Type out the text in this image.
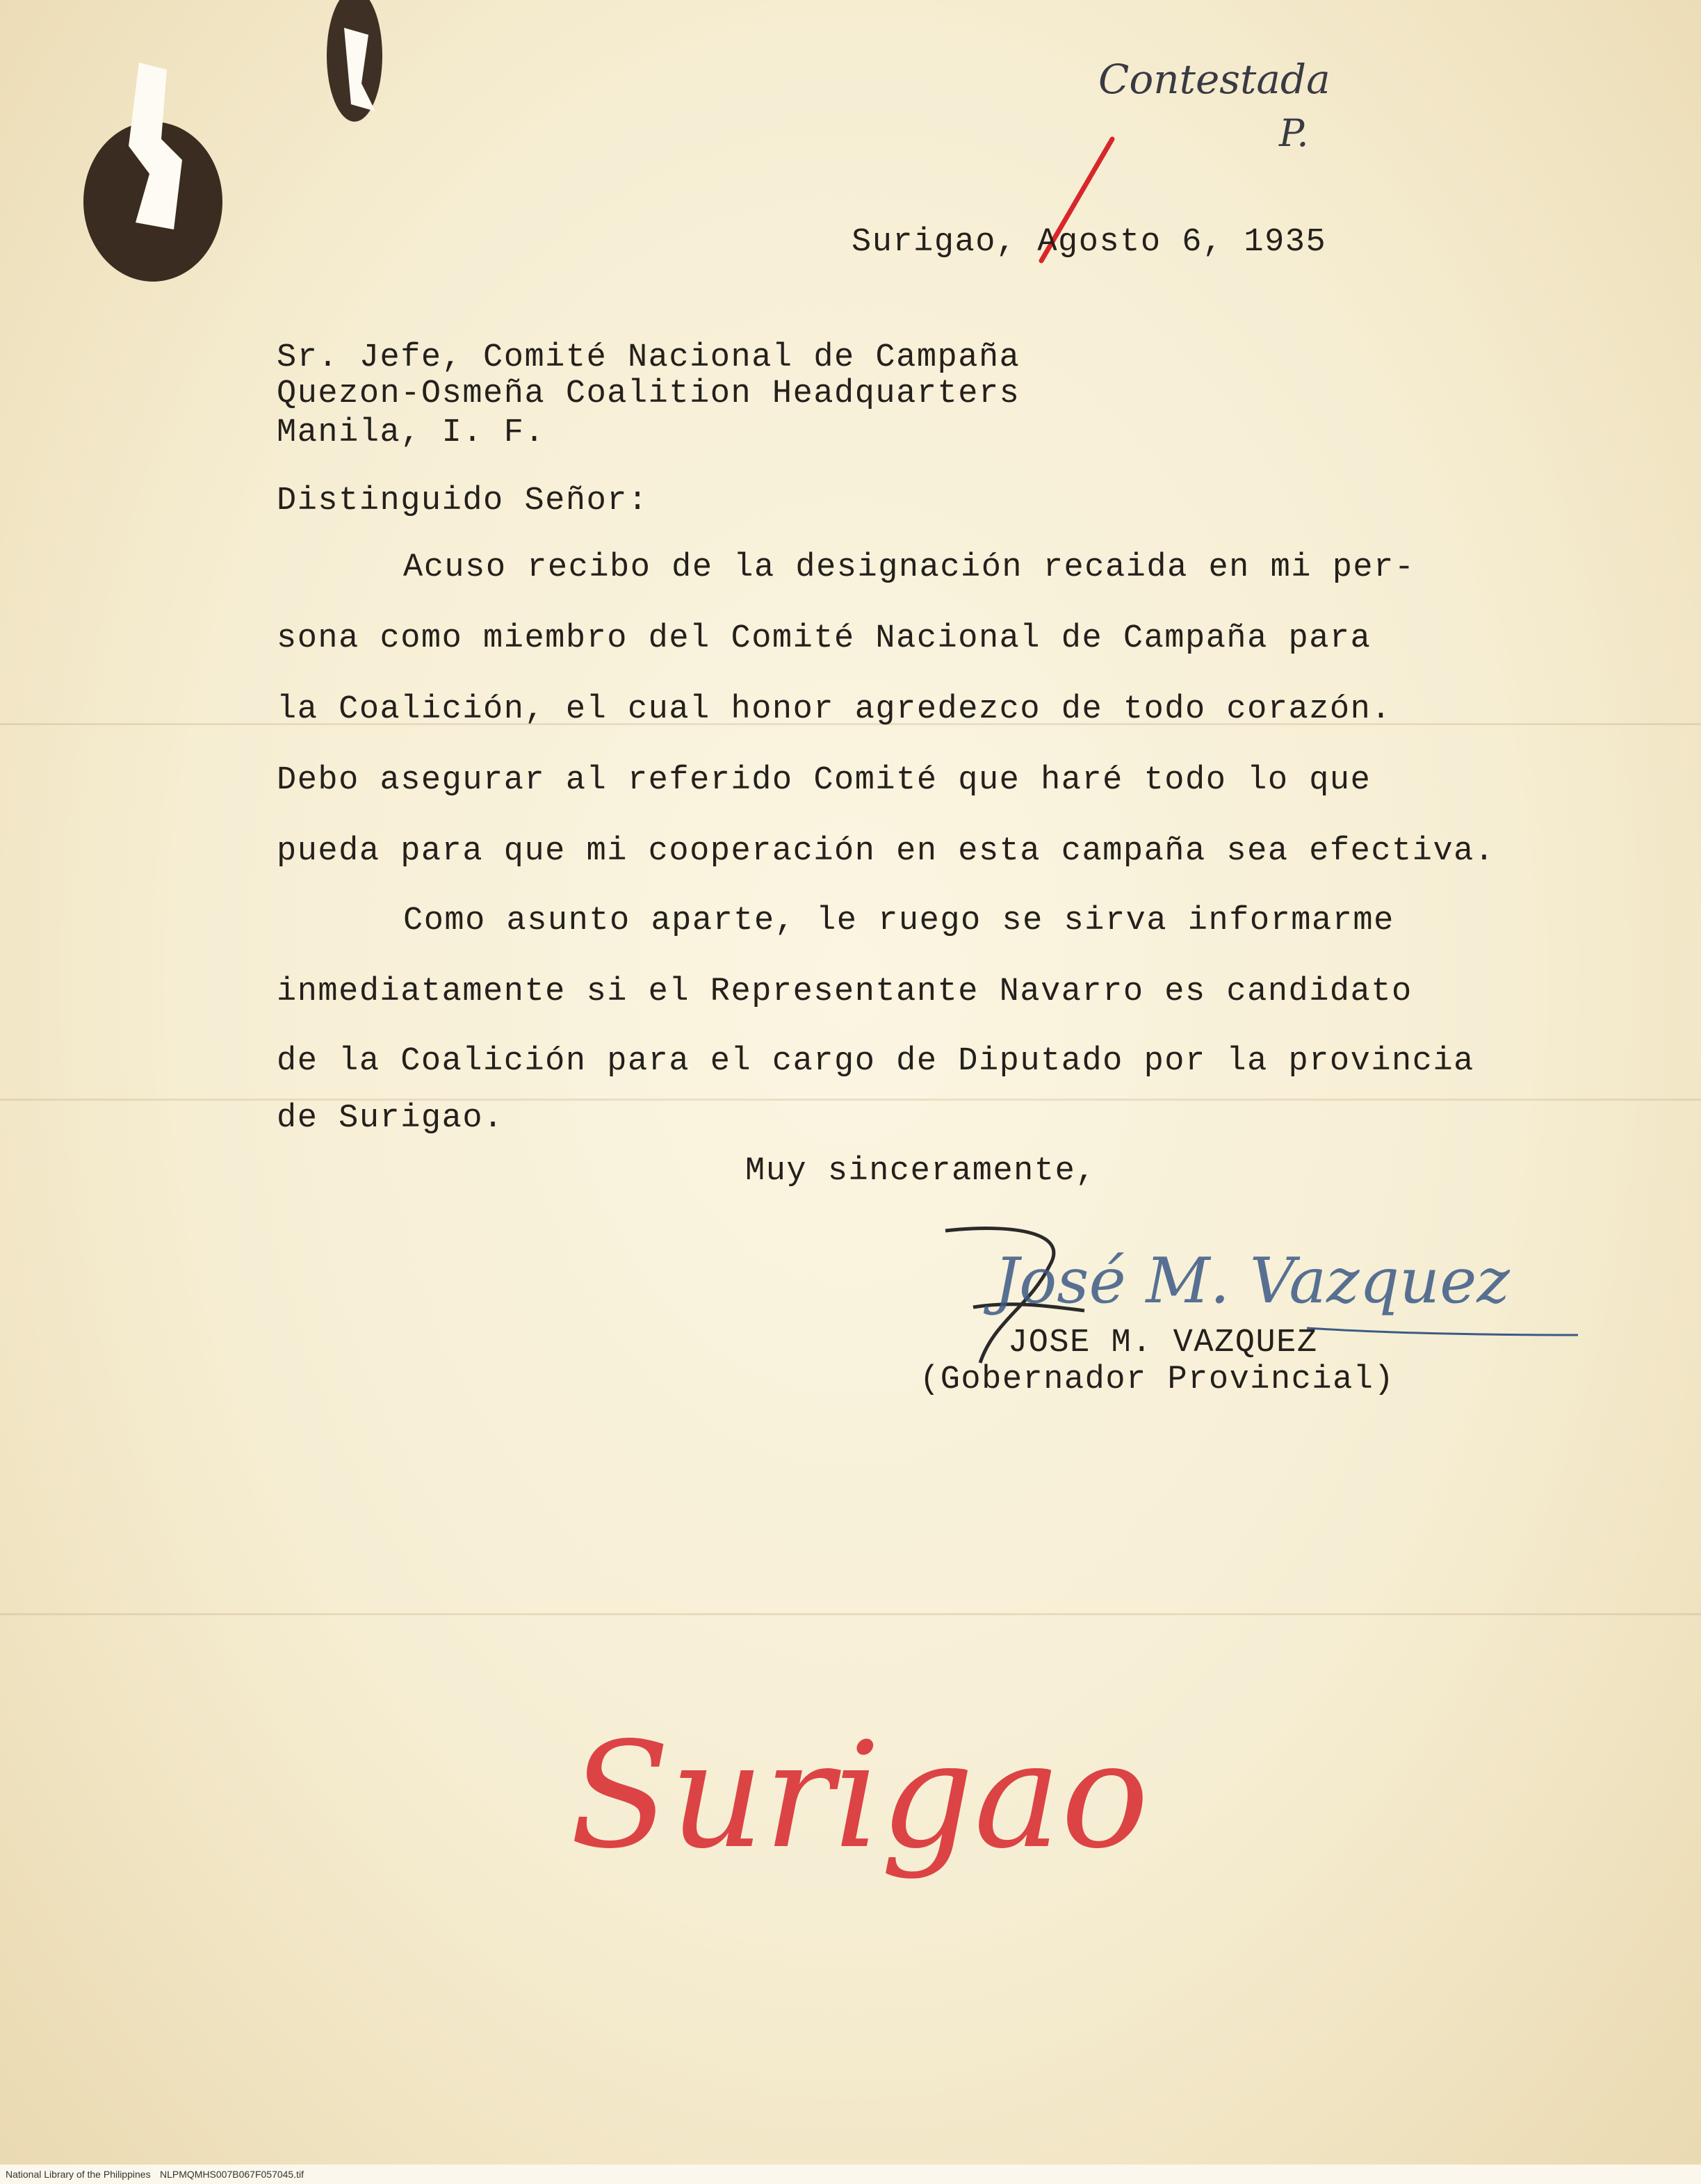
Contestada
P.
Surigao, Agosto 6, 1935
Sr. Jefe, Comité Nacional de Campaña
Quezon-Osmeña Coalition Headquarters
Manila, I. F.
Distinguido Señor:
Acuso recibo de la designación recaida en mi per-
sona como miembro del Comité Nacional de Campaña para
la Coalición, el cual honor agredezco de todo corazón.
Debo asegurar al referido Comité que haré todo lo que
pueda para que mi cooperación en esta campaña sea efectiva.
Como asunto aparte, le ruego se sirva informarme
inmediatamente si el Representante Navarro es candidato
de la Coalición para el cargo de Diputado por la provincia
de Surigao.
Muy sinceramente,
José M. Vazquez
JOSE M. VAZQUEZ
(Gobernador Provincial)
Surigao
National Library of the Philippines NLPMQMHS007B067F057045.tif
